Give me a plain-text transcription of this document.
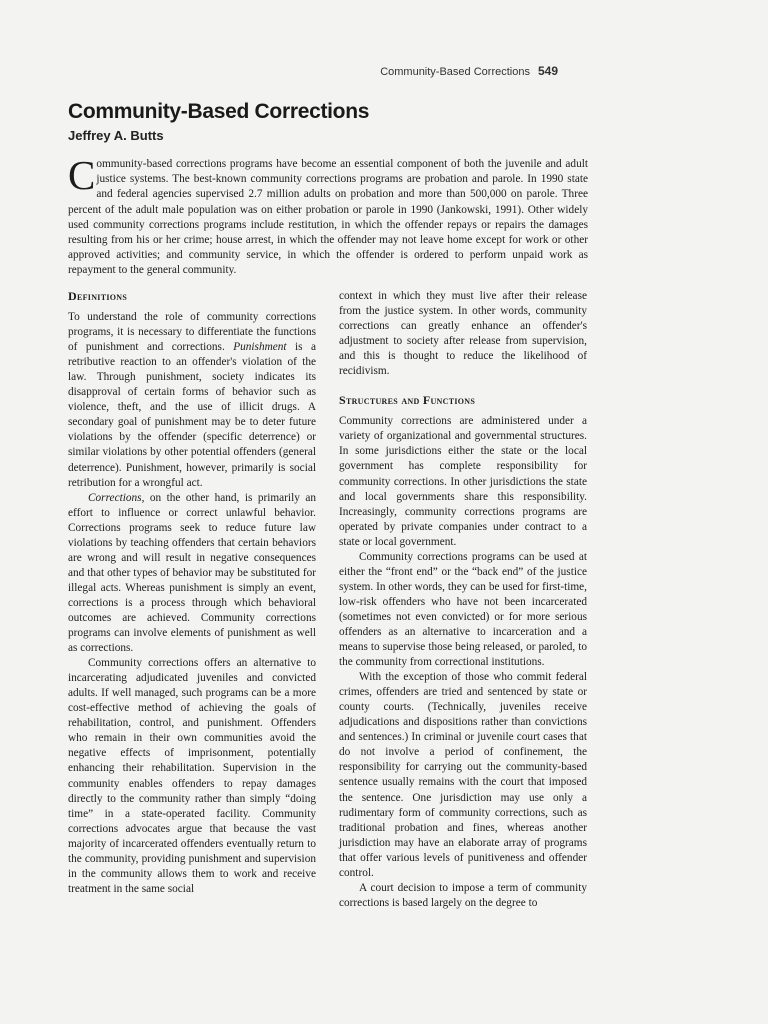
Community-Based Corrections 549
Community-Based Corrections
Jeffrey A. Butts

Community-based corrections programs have become an essential component of both the juvenile and adult justice systems. The best-known community corrections programs are probation and parole. In 1990 state and federal agencies supervised 2.7 million adults on probation and more than 500,000 on parole. Three percent of the adult male population was on either probation or parole in 1990 (Jankowski, 1991). Other widely used community corrections programs include restitution, in which the offender repays or repairs the damages resulting from his or her crime; house arrest, in which the offender may not leave home except for work or other approved activities; and community service, in which the offender is ordered to perform unpaid work as repayment to the general community.

Definitions

To understand the role of community corrections programs, it is necessary to differentiate the functions of punishment and corrections. Punishment is a retributive reaction to an offender's violation of the law. Through punishment, society indicates its disapproval of certain forms of behavior such as violence, theft, and the use of illicit drugs. A secondary goal of punishment may be to deter future violations by the offender (specific deterrence) or similar violations by other potential offenders (general deterrence). Punishment, however, primarily is social retribution for a wrongful act.

Corrections, on the other hand, is primarily an effort to influence or correct unlawful behavior. Corrections programs seek to reduce future law violations by teaching offenders that certain behaviors are wrong and will result in negative consequences and that other types of behavior may be substituted for illegal acts. Whereas punishment is simply an event, corrections is a process through which behavioral outcomes are achieved. Community corrections programs can involve elements of punishment as well as corrections.

Community corrections offers an alternative to incarcerating adjudicated juveniles and convicted adults. If well managed, such programs can be a more cost-effective method of achieving the goals of rehabilitation, control, and punishment. Offenders who remain in their own communities avoid the negative effects of imprisonment, potentially enhancing their rehabilitation. Supervision in the community enables offenders to repay damages directly to the community rather than simply “doing time” in a state-operated facility. Community corrections advocates argue that because the vast majority of incarcerated offenders eventually return to the community, providing punishment and supervision in the community allows them to work and receive treatment in the same social

context in which they must live after their release from the justice system. In other words, community corrections can greatly enhance an offender's adjustment to society after release from supervision, and this is thought to reduce the likelihood of recidivism.

Structures and Functions

Community corrections are administered under a variety of organizational and governmental structures. In some jurisdictions either the state or the local government has complete responsibility for community corrections. In other jurisdictions the state and local governments share this responsibility. Increasingly, community corrections programs are operated by private companies under contract to a state or local government.

Community corrections programs can be used at either the “front end” or the “back end” of the justice system. In other words, they can be used for first-time, low-risk offenders who have not been incarcerated (sometimes not even convicted) or for more serious offenders as an alternative to incarceration and a means to supervise those being released, or paroled, to the community from correctional institutions.

With the exception of those who commit federal crimes, offenders are tried and sentenced by state or county courts. (Technically, juveniles receive adjudications and dispositions rather than convictions and sentences.) In criminal or juvenile court cases that do not involve a period of confinement, the responsibility for carrying out the community-based sentence usually remains with the court that imposed the sentence. One jurisdiction may use only a rudimentary form of community corrections, such as traditional probation and fines, whereas another jurisdiction may have an elaborate array of programs that offer various levels of punitiveness and offender control.

A court decision to impose a term of community corrections is based largely on the degree to
